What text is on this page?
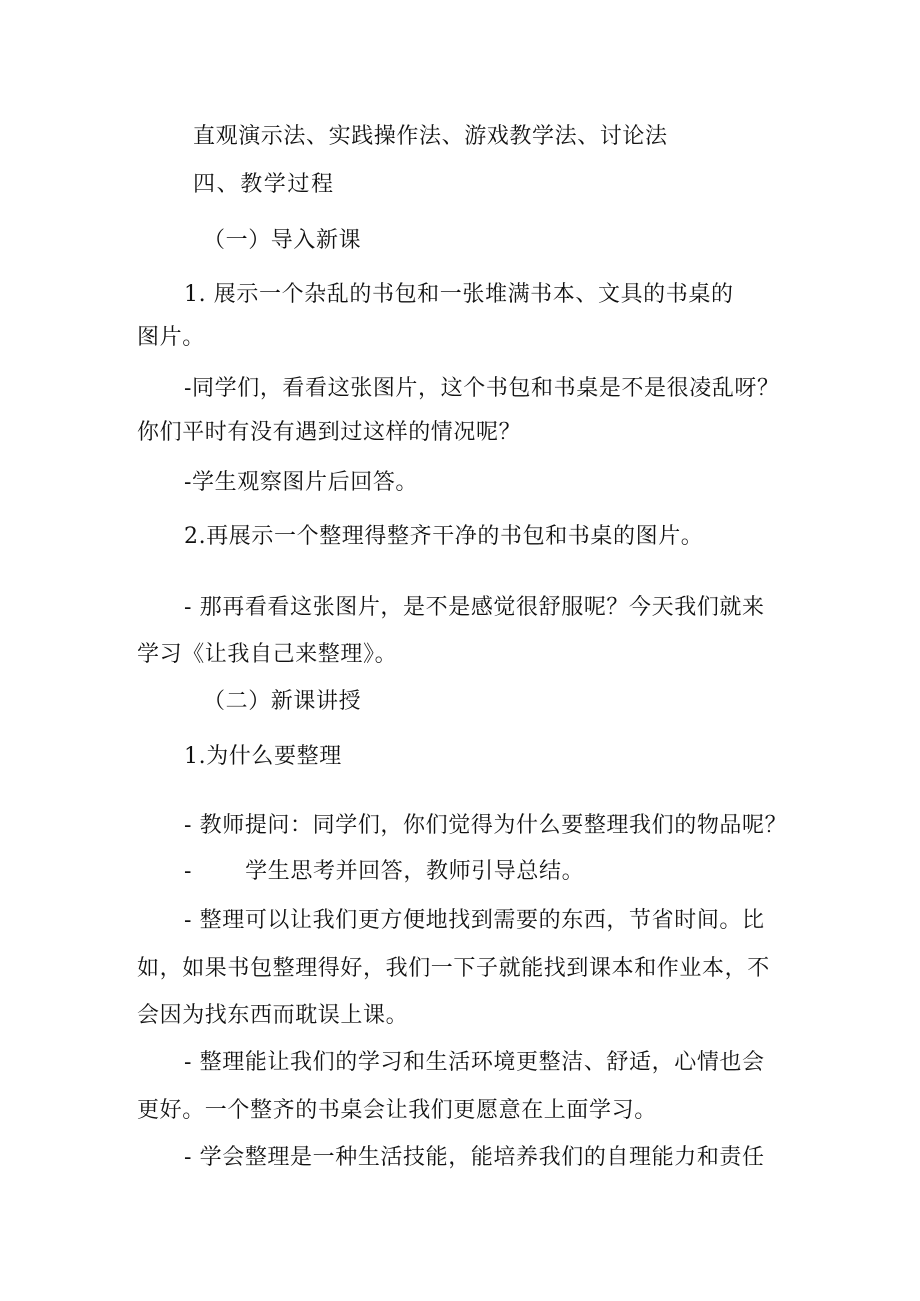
直观演示法、实践操作法、游戏教学法、讨论法

四、教学过程

（一）导入新课

1. 展示一个杂乱的书包和一张堆满书本、文具的书桌的

图片。

-同学们，看看这张图片，这个书包和书桌是不是很凌乱呀？

你们平时有没有遇到过这样的情况呢？

-学生观察图片后回答。

2.再展示一个整理得整齐干净的书包和书桌的图片。

- 那再看看这张图片，是不是感觉很舒服呢？今天我们就来

学习《让我自己来整理》。

（二）新课讲授

1.为什么要整理

- 教师提问：同学们，你们觉得为什么要整理我们的物品呢？

-       学生思考并回答，教师引导总结。

- 整理可以让我们更方便地找到需要的东西，节省时间。比

如，如果书包整理得好，我们一下子就能找到课本和作业本，不

会因为找东西而耽误上课。

- 整理能让我们的学习和生活环境更整洁、舒适，心情也会

更好。一个整齐的书桌会让我们更愿意在上面学习。

- 学会整理是一种生活技能，能培养我们的自理能力和责任
